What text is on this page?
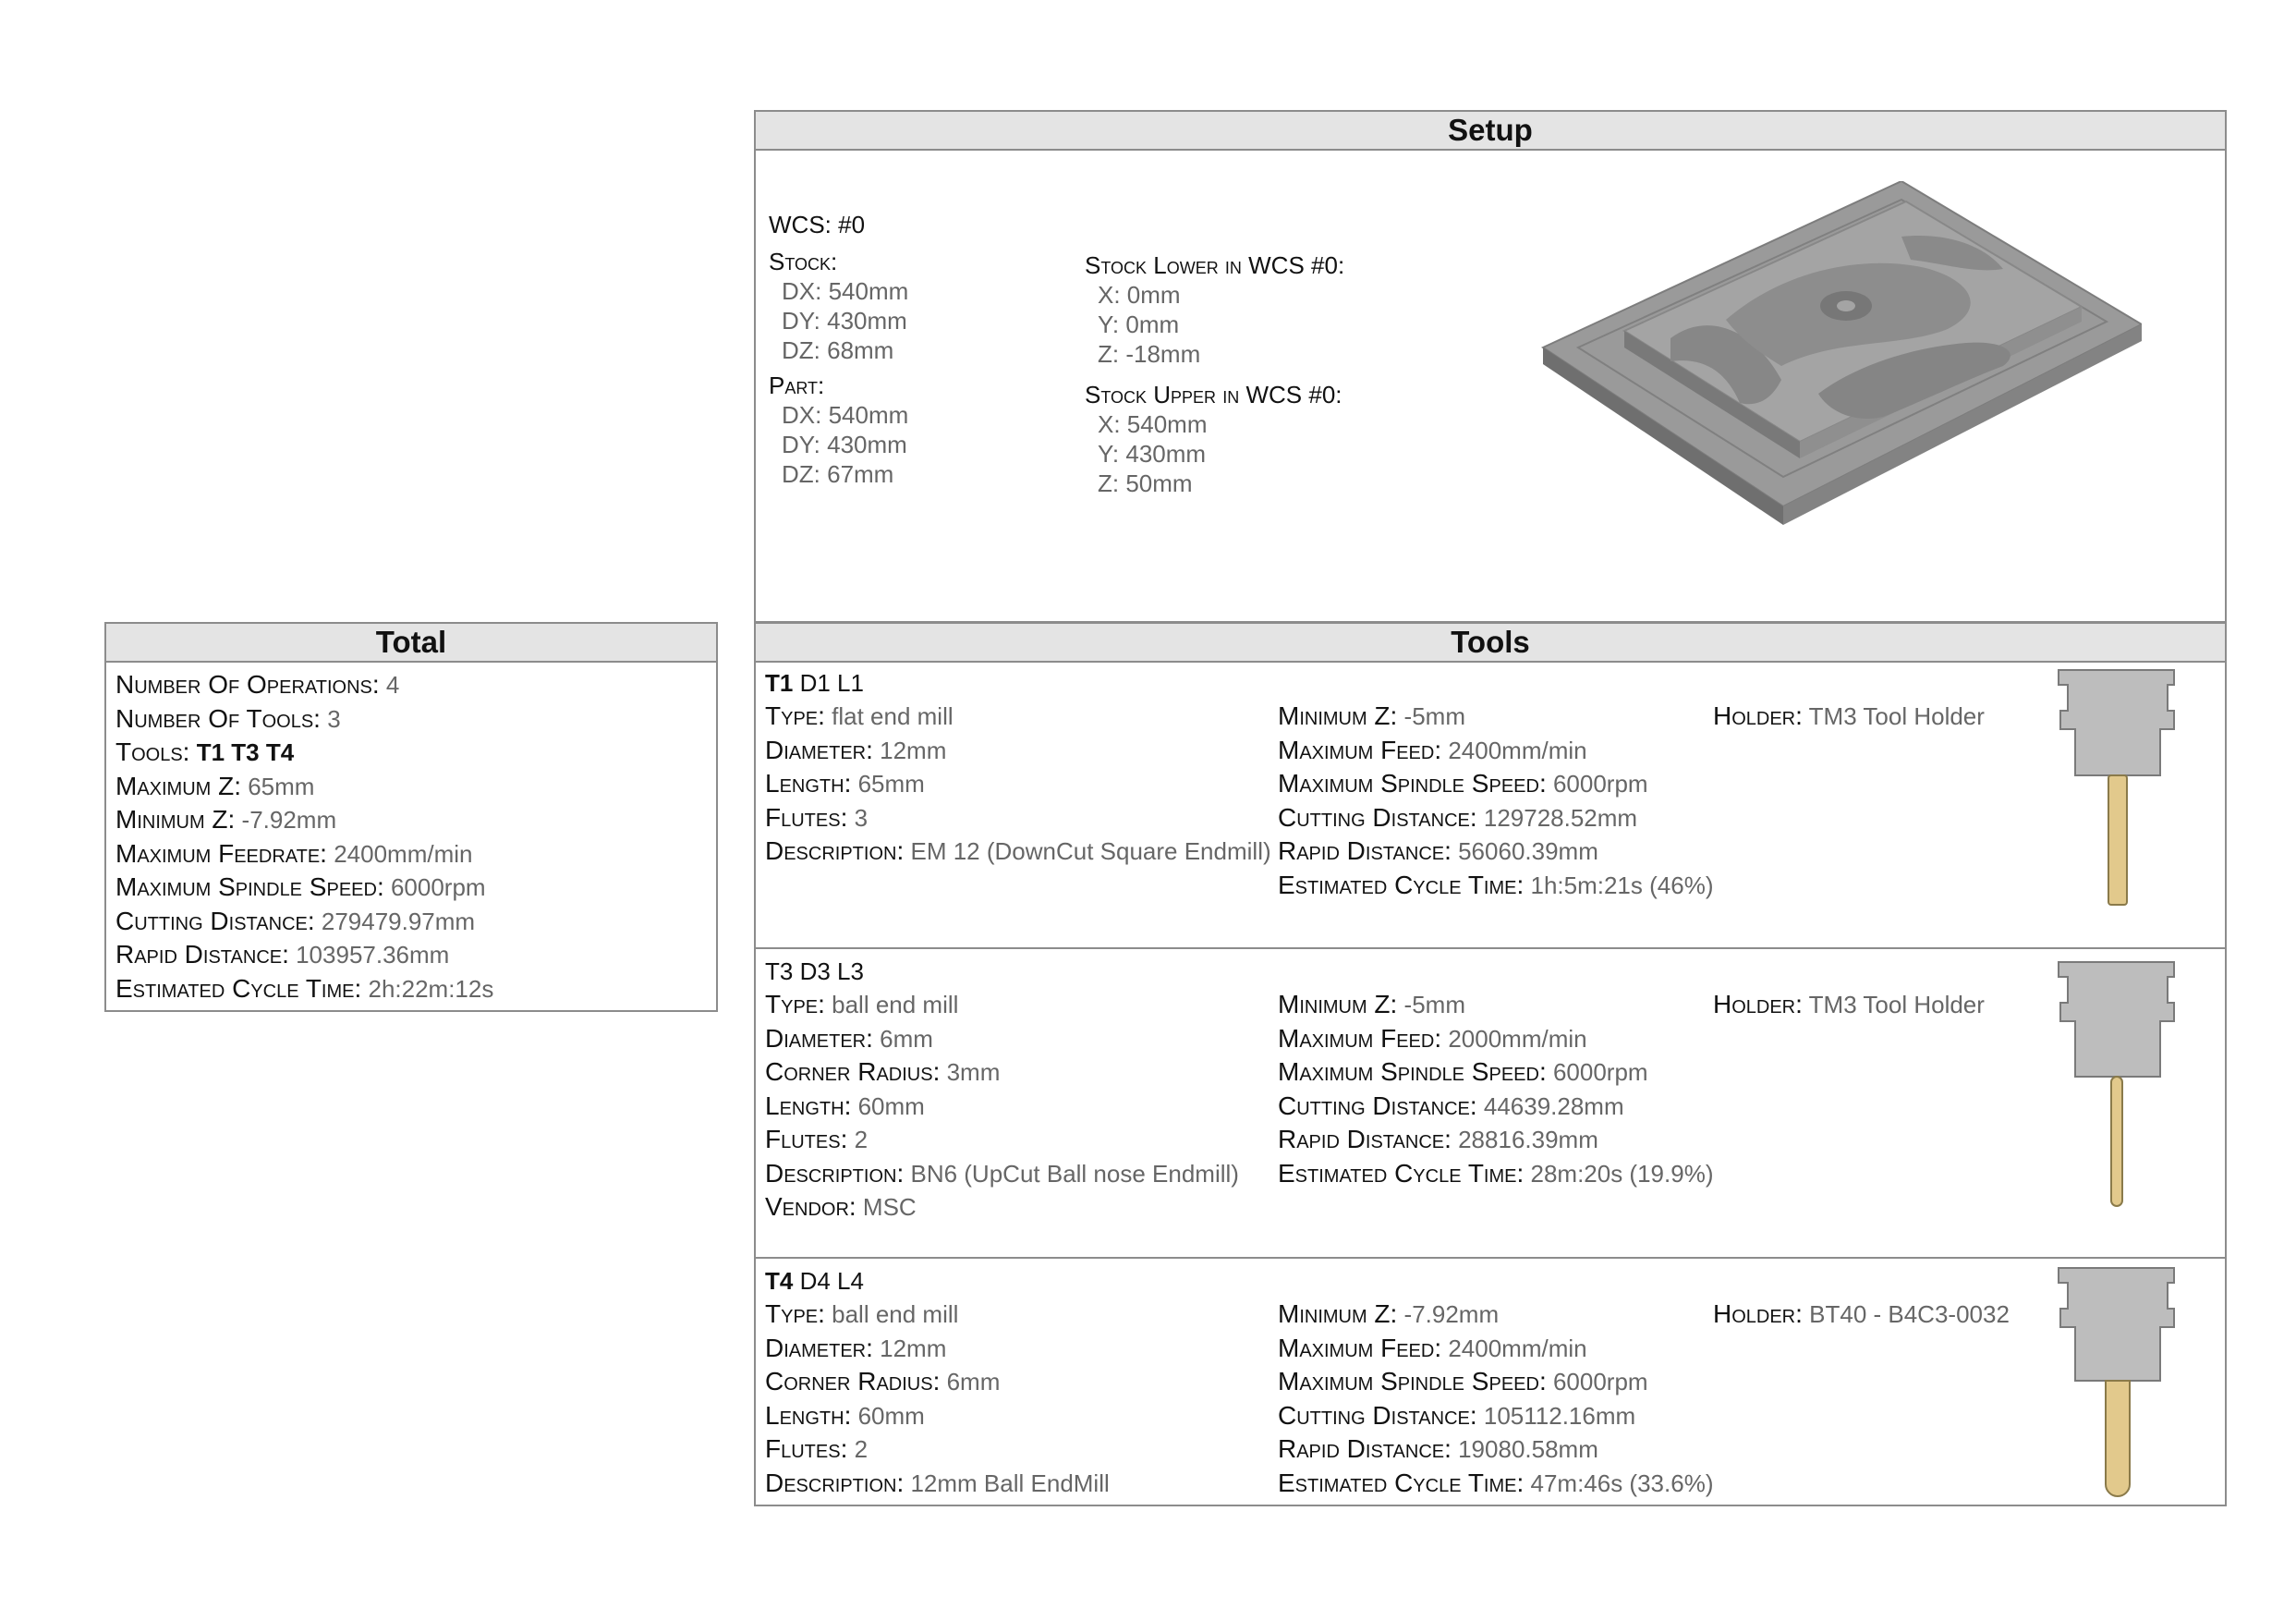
Total
Number Of Operations: 4
Number Of Tools: 3
Tools: T1 T3 T4
Maximum Z: 65mm
Minimum Z: -7.92mm
Maximum Feedrate: 2400mm/min
Maximum Spindle Speed: 6000rpm
Cutting Distance: 279479.97mm
Rapid Distance: 103957.36mm
Estimated Cycle Time: 2h:22m:12s
Setup
WCS: #0
Stock:
DX: 540mm
DY: 430mm
DZ: 68mm
Part:
DX: 540mm
DY: 430mm
DZ: 67mm
Stock Lower in WCS #0:
X: 0mm
Y: 0mm
Z: -18mm
Stock Upper in WCS #0:
X: 540mm
Y: 430mm
Z: 50mm
Tools
T1 D1 L1
Type: flat end mill
Diameter: 12mm
Length: 65mm
Flutes: 3
Description: EM 12 (DownCut Square Endmill)
Minimum Z: -5mm
Maximum Feed: 2400mm/min
Maximum Spindle Speed: 6000rpm
Cutting Distance: 129728.52mm
Rapid Distance: 56060.39mm
Estimated Cycle Time: 1h:5m:21s (46%)
Holder: TM3 Tool Holder
T3 D3 L3
Type: ball end mill
Diameter: 6mm
Corner Radius: 3mm
Length: 60mm
Flutes: 2
Description: BN6 (UpCut Ball nose Endmill)
Vendor: MSC
Minimum Z: -5mm
Maximum Feed: 2000mm/min
Maximum Spindle Speed: 6000rpm
Cutting Distance: 44639.28mm
Rapid Distance: 28816.39mm
Estimated Cycle Time: 28m:20s (19.9%)
Holder: TM3 Tool Holder
T4 D4 L4
Type: ball end mill
Diameter: 12mm
Corner Radius: 6mm
Length: 60mm
Flutes: 2
Description: 12mm Ball EndMill
Minimum Z: -7.92mm
Maximum Feed: 2400mm/min
Maximum Spindle Speed: 6000rpm
Cutting Distance: 105112.16mm
Rapid Distance: 19080.58mm
Estimated Cycle Time: 47m:46s (33.6%)
Holder: BT40 - B4C3-0032
